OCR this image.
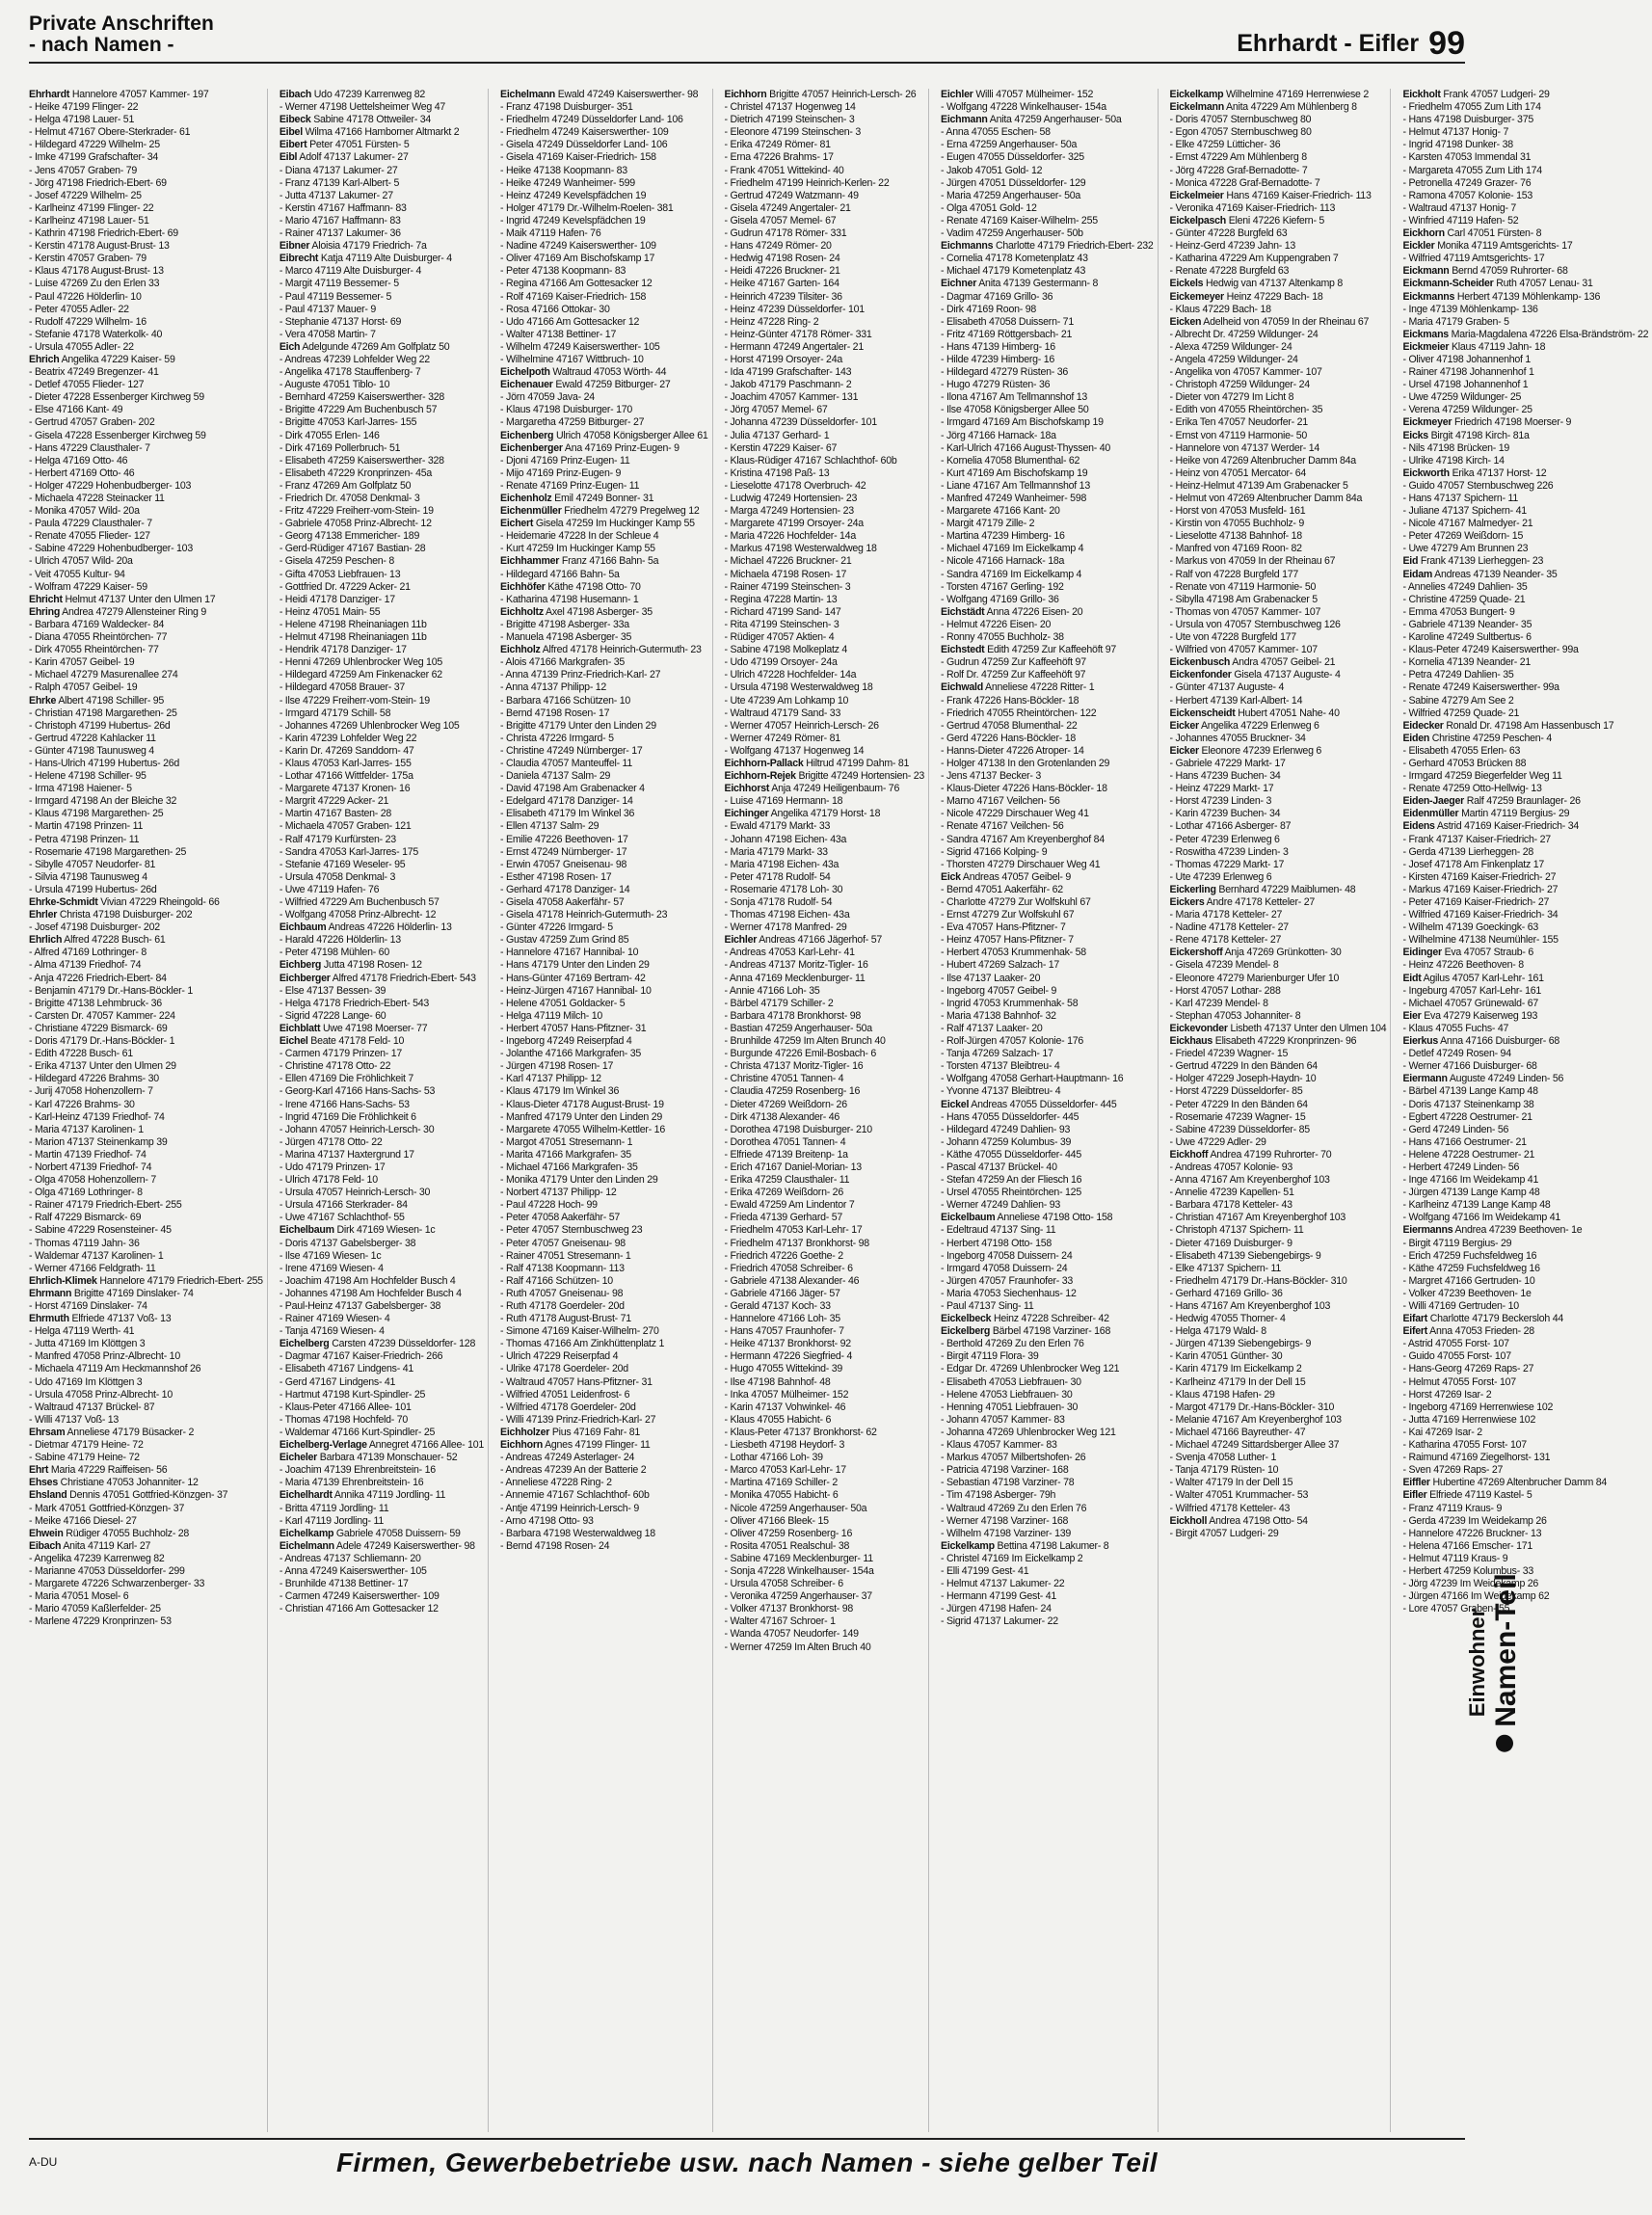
Private Anschriften
- nach Namen -	Ehrhardt - Eifler 99
Ehrhardt Hannelore 47057 Kammer- 197
- Heike 47199 Flinger- 22
- Helga 47198 Lauer- 51
- Helmut 47167 Obere-Sterkrader- 61
- Hildegard 47229 Wilhelm- 25
- Imke 47199 Grafschafter- 34
- Jens 47057 Graben- 79
- Jörg 47198 Friedrich-Ebert- 69
- Josef 47229 Wilhelm- 25
- Karlheinz 47199 Flinger- 22
- Karlheinz 47198 Lauer- 51
- Kathrin 47198 Friedrich-Ebert- 69
- Kerstin 47178 August-Brust- 13
- Kerstin 47057 Graben- 79
- Klaus 47178 August-Brust- 13
- Luise 47269 Zu den Erlen 33
- Paul 47226 Hölderlin- 10
- Peter 47055 Adler- 22
- Rudolf 47229 Wilhelm- 16
- Stefanie 47178 Waterkolk- 40
- Ursula 47055 Adler- 22
Ehrich Angelika 47229 Kaiser- 59
- Beatrix 47249 Bregenzer- 41
- Detlef 47055 Flieder- 127
- Dieter 47228 Essenberger Kirchweg 59
- Else 47166 Kant- 49
- Gertrud 47057 Graben- 202
- Gisela 47228 Essenberger Kirchweg 59
- Hans 47229 Clausthaler- 7
- Helga 47169 Otto- 46
- Herbert 47169 Otto- 46
- Holger 47229 Hohenbudberger- 103
- Michaela 47228 Steinacker 11
- Monika 47057 Wild- 20a
- Paula 47229 Clausthaler- 7
- Renate 47055 Flieder- 127
- Sabine 47229 Hohenbudberger- 103
- Ulrich 47057 Wild- 20a
- Veit 47055 Kultur- 94
- Wolfram 47229 Kaiser- 59
Ehricht Helmut 47137 Unter den Ulmen 17
Ehring Andrea 47279 Allensteiner Ring 9
- Barbara 47169 Waldecker- 84
- Diana 47055 Rheintörchen- 77
- Dirk 47055 Rheintörchen- 77
- Karin 47057 Geibel- 19
- Michael 47279 Masurenallee 274
- Ralph 47057 Geibel- 19
Ehrke Albert 47198 Schiller- 95
- Christian 47198 Margarethen- 25
- Christoph 47199 Hubertus- 26d
- Gertrud 47228 Kahlacker 11
- Günter 47198 Taunusweg 4
- Hans-Ulrich 47199 Hubertus- 26d
- Helene 47198 Schiller- 95
- Irma 47198 Haiener- 5
- Irmgard 47198 An der Bleiche 32
- Klaus 47198 Margarethen- 25
- Martin 47198 Prinzen- 11
- Petra 47198 Prinzen- 11
- Rosemarie 47198 Margarethen- 25
- Sibylle 47057 Neudorfer- 81
- Silvia 47198 Taunusweg 4
- Ursula 47199 Hubertus- 26d
Ehrke-Schmidt Vivian 47229 Rheingold- 66
Ehrler Christa 47198 Duisburger- 202
- Josef 47198 Duisburger- 202
Ehrlich Alfred 47228 Busch- 61
- Alfred 47169 Lothringer- 8
- Alma 47139 Friedhof- 74
- Anja 47226 Friedrich-Ebert- 84
- Benjamin 47179 Dr.-Hans-Böckler- 1
- Brigitte 47138 Lehmbruck- 36
- Carsten Dr. 47057 Kammer- 224
- Christiane 47229 Bismarck- 69
- Doris 47179 Dr.-Hans-Böckler- 1
- Edith 47228 Busch- 61
- Erika 47137 Unter den Ulmen 29
- Hildegard 47226 Brahms- 30
- Jurij 47058 Hohenzollern- 7
- Karl 47226 Brahms- 30
- Karl-Heinz 47139 Friedhof- 74
- Maria 47137 Karolinen- 1
- Marion 47137 Steinenkamp 39
- Martin 47139 Friedhof- 74
- Norbert 47139 Friedhof- 74
- Olga 47058 Hohenzollern- 7
- Olga 47169 Lothringer- 8
- Rainer 47179 Friedrich-Ebert- 255
- Ralf 47229 Bismarck- 69
- Sabine 47229 Rosensteiner- 45
- Thomas 47119 Jahn- 36
- Waldemar 47137 Karolinen- 1
- Werner 47166 Feldgrath- 11
Ehrlich-Klimek Hannelore 47179 Friedrich-Ebert- 255
Ehrmann Brigitte 47169 Dinslaker- 74
- Horst 47169 Dinslaker- 74
Ehrmuth Elfriede 47137 Voß- 13
- Helga 47119 Werth- 41
- Jutta 47169 Im Klöttgen 3
- Manfred 47058 Prinz-Albrecht- 10
- Michaela 47119 Am Heckmannshof 26
- Udo 47169 Im Klöttgen 3
- Ursula 47058 Prinz-Albrecht- 10
- Waltraud 47137 Brückel- 87
- Willi 47137 Voß- 13
Ehrsam Anneliese 47179 Büsacker- 2
- Dietmar 47179 Heine- 72
- Sabine 47179 Heine- 72
Ehrt Maria 47229 Raiffeisen- 56
Ehses Christiane 47053 Johanniter- 12
Ehsland Dennis 47051 Gottfried-Könzgen- 37
- Mark 47051 Gottfried-Könzgen- 37
- Meike 47166 Diesel- 27
Ehwein Rüdiger 47055 Buchholz- 28
Eibach Anita 47119 Karl- 27
- Angelika 47239 Karrenweg 82
- Marianne 47053 Düsseldorfer- 299
- Margarete 47226 Schwarzenberger- 33
- Maria 47051 Mosel- 6
- Mario 47059 Kaßlerfelder- 25
- Marlene 47229 Kronprinzen- 53
Eibach Udo 47239 Karrenweg 82
- Werner 47198 Uettelsheimer Weg 47
Eibeck Sabine 47178 Ottweiler- 34
Eibel Wilma 47166 Hamborner Altmarkt 2
Eibert Peter 47051 Fürsten- 5
Eibl Adolf 47137 Lakumer- 27
- Diana 47137 Lakumer- 27
- Franz 47139 Karl-Albert- 5
- Jutta 47137 Lakumer- 27
- Kerstin 47167 Haffmann- 83
- Mario 47167 Haffmann- 83
- Rainer 47137 Lakumer- 36
Eibner Aloisia 47179 Friedrich- 7a
Eibrecht Katja 47119 Alte Duisburger- 4
- Marco 47119 Alte Duisburger- 4
- Margit 47119 Bessemer- 5
- Paul 47119 Bessemer- 5
- Paul 47137 Mauer- 9
- Stephanie 47137 Horst- 69
- Vera 47058 Martin- 7
Eich Adelgunde 47269 Am Golfplatz 50
- Andreas 47239 Lohfelder Weg 22
- Angelika 47178 Stauffenberg- 7
- Auguste 47051 Tiblo- 10
- Bernhard 47259 Kaiserswerther- 328
- Brigitte 47229 Am Buchenbusch 57
- Brigitte 47053 Karl-Jarres- 155
- Dirk 47055 Erlen- 146
- Dirk 47169 Pollerbruch- 51
- Elisabeth 47259 Kaiserswerther- 328
- Elisabeth 47229 Kronprinzen- 45a
- Franz 47269 Am Golfplatz 50
- Friedrich Dr. 47058 Denkmal- 3
- Fritz 47229 Freiherr-vom-Stein- 19
- Gabriele 47058 Prinz-Albrecht- 12
- Georg 47138 Emmericher- 189
- Gerd-Rüdiger 47167 Bastian- 28
- Gisela 47259 Peschen- 8
- Gifta 47053 Liebfrauen- 13
- Gottfried Dr. 47229 Acker- 21
- Heidi 47178 Danziger- 17
- Heinz 47051 Main- 55
- Helene 47198 Rheinaniagen 11b
- Helmut 47198 Rheinaniagen 11b
- Hendrik 47178 Danziger- 17
- Henni 47269 Uhlenbrocker Weg 105
- Hildegard 47259 Am Finkenacker 62
- Hildegard 47058 Brauer- 37
- Ilse 47229 Freiherr-vom-Stein- 19
- Irmgard 47179 Schill- 58
- Johannes 47269 Uhlenbrocker Weg 105
- Karin 47239 Lohfelder Weg 22
- Karin Dr. 47269 Sanddorn- 47
- Klaus 47053 Karl-Jarres- 155
- Lothar 47166 Wittfelder- 175a
- Margarete 47137 Kronen- 16
- Margrit 47229 Acker- 21
- Martin 47167 Basten- 28
- Michaela 47057 Graben- 121
- Ralf 47179 Kurfürsten- 23
- Sandra 47053 Karl-Jarres- 175
- Stefanie 47169 Weseler- 95
- Ursula 47058 Denkmal- 3
- Uwe 47119 Hafen- 76
- Wilfried 47229 Am Buchenbusch 57
- Wolfgang 47058 Prinz-Albrecht- 12
Eichbaum Andreas 47226 Hölderlin- 13
- Harald 47226 Hölderlin- 13
- Peter 47198 Mühlen- 60
Eichberg Jutta 47198 Rosen- 12
Eichberger Alfred 47178 Friedrich-Ebert- 543
- Else 47137 Bessen- 39
- Helga 47178 Friedrich-Ebert- 543
- Sigrid 47228 Lange- 60
Eichblatt Uwe 47198 Moerser- 77
Eichel Beate 47178 Feld- 10
- Carmen 47179 Prinzen- 17
- Christine 47178 Otto- 22
- Ellen 47169 Die Fröhlichkeit 7
- Georg-Karl 47166 Hans-Sachs- 53
- Irene 47166 Hans-Sachs- 53
- Ingrid 47169 Die Fröhlichkeit 6
- Johann 47057 Heinrich-Lersch- 30
- Jürgen 47178 Otto- 22
- Marina 47137 Haxtergrund 17
- Udo 47179 Prinzen- 17
- Ulrich 47178 Feld- 10
- Ursula 47057 Heinrich-Lersch- 30
- Ursula 47166 Sterkrader- 84
- Uwe 47167 Schlachthof- 55
Eichelbaum Dirk 47169 Wiesen- 1c
- Doris 47137 Gabelsberger- 38
- Ilse 47169 Wiesen- 1c
- Irene 47169 Wiesen- 4
- Joachim 47198 Am Hochfelder Busch 4
- Johannes 47198 Am Hochfelder Busch 4
- Paul-Heinz 47137 Gabelsberger- 38
- Rainer 47169 Wiesen- 4
- Tanja 47169 Wiesen- 4
Eichelberg Carsten 47239 Düsseldorfer- 128
- Dagmar 47167 Kaiser-Friedrich- 266
- Elisabeth 47167 Lindgens- 41
- Gerd 47167 Lindgens- 41
- Hartmut 47198 Kurt-Spindler- 25
- Klaus-Peter 47166 Allee- 101
- Thomas 47198 Hochfeld- 70
- Waldemar 47166 Kurt-Spindler- 25
Eichelberg-Verlage Annegret 47166 Allee- 101
Eicheler Barbara 47139 Monschauer- 52
- Joachim 47139 Ehrenbreitstein- 16
- Maria 47139 Ehrenbreitstein- 16
Eichelhardt Annika 47119 Jordling- 11
- Britta 47119 Jordling- 11
- Karl 47119 Jordling- 11
Eichelkamp Gabriele 47058 Duissern- 59
Eichelmann Adele 47249 Kaiserswerther- 98
- Andreas 47137 Schliemann- 20
- Anna 47249 Kaiserswerther- 105
- Brunhilde 47138 Bettiner- 17
- Carmen 47249 Kaiserswerther- 109
- Christian 47166 Am Gottesacker 12
Eichelmann Ewald 47249 Kaiserswerther- 98
- Franz 47198 Duisburger- 351
- Friedhelm 47249 Düsseldorfer Land- 106
- Friedhelm 47249 Kaiserswerther- 109
- Gisela 47249 Düsseldorfer Land- 106
- Gisela 47169 Kaiser-Friedrich- 158
- Heike 47138 Koopmann- 83
- Heike 47249 Wanheimer- 599
- Heinz 47249 Kevelspfädchen 19
- Holger 47179 Dr.-Wilhelm-Roelen- 381
- Ingrid 47249 Kevelspfädchen 19
- Maik 47119 Hafen- 76
- Nadine 47249 Kaiserswerther- 109
- Oliver 47169 Am Bischofskamp 17
- Peter 47138 Koopmann- 83
- Regina 47166 Am Gottesacker 12
- Rolf 47169 Kaiser-Friedrich- 158
- Rosa 47166 Ottokar- 30
- Udo 47166 Am Gottesacker 12
- Walter 47138 Bettiner- 17
- Wilhelm 47249 Kaiserswerther- 105
- Wilhelmine 47167 Wittbruch- 10
Eichelpoth Waltraud 47053 Wörth- 44
Eichenauer Ewald 47259 Bitburger- 27
- Jörn 47059 Java- 24
- Klaus 47198 Duisburger- 170
- Margaretha 47259 Bitburger- 27
Eichenberg Ulrich 47058 Königsberger Allee 61
Eichenberger Ana 47169 Prinz-Eugen- 9
- Djoni 47169 Prinz-Eugen- 11
- Mijo 47169 Prinz-Eugen- 9
- Renate 47169 Prinz-Eugen- 11
Eichenholz Emil 47249 Bonner- 31
Eichenmüller Friedhelm 47279 Pregelweg 12
Eichert Gisela 47259 Im Huckinger Kamp 55
- Heidemarie 47228 In der Schleue 4
- Kurt 47259 Im Huckinger Kamp 55
Eichhammer Franz 47166 Bahn- 5a
- Hildegard 47166 Bahn- 5a
Eichhöfer Käthe 47198 Otto- 70
- Katharina 47198 Husemann- 1
Eichholtz Axel 47198 Asberger- 35
- Brigitte 47198 Asberger- 33a
- Manuela 47198 Asberger- 35
Eichholz Alfred 47178 Heinrich-Gutermuth- 23
- Alois 47166 Markgrafen- 35
- Anna 47139 Prinz-Friedrich-Karl- 27
- Anna 47137 Philipp- 12
- Barbara 47166 Schützen- 10
- Bernd 47198 Rosen- 17
- Brigitte 47179 Unter den Linden 29
- Christa 47226 Irmgard- 5
- Christine 47249 Nürnberger- 17
- Claudia 47057 Manteuffel- 11
- Daniela 47137 Salm- 29
- David 47198 Am Grabenacker 4
- Edelgard 47178 Danziger- 14
- Elisabeth 47179 Im Winkel 36
- Ellen 47137 Salm- 29
- Emilie 47226 Beethoven- 17
- Ernst 47249 Nürnberger- 17
- Erwin 47057 Gneisenau- 98
- Esther 47198 Rosen- 17
- Gerhard 47178 Danziger- 14
- Gisela 47058 Aakerfähr- 57
- Gisela 47178 Heinrich-Gutermuth- 23
- Günter 47226 Irmgard- 5
- Gustav 47259 Zum Grind 85
- Hannelore 47167 Hannibal- 10
- Hans 47179 Unter den Linden 29
- Hans-Günter 47169 Bertram- 42
- Heinz-Jürgen 47167 Hannibal- 10
- Helene 47051 Goldacker- 5
- Helga 47119 Milch- 10
- Herbert 47057 Hans-Pfitzner- 31
- Ingeborg 47249 Reiserpfad 4
- Jolanthe 47166 Markgrafen- 35
- Jürgen 47198 Rosen- 17
- Karl 47137 Philipp- 12
- Klaus 47179 Im Winkel 36
- Klaus-Dieter 47178 August-Brust- 19
- Manfred 47179 Unter den Linden 29
- Margarete 47055 Wilhelm-Kettler- 16
- Margot 47051 Stresemann- 1
- Marita 47166 Markgrafen- 35
- Michael 47166 Markgrafen- 35
- Monika 47179 Unter den Linden 29
- Norbert 47137 Philipp- 12
- Paul 47228 Hoch- 99
- Peter 47058 Aakerfähr- 57
- Peter 47057 Sternbuschweg 23
- Peter 47057 Gneisenau- 98
- Rainer 47051 Stresemann- 1
- Ralf 47138 Koopmann- 113
- Ralf 47166 Schützen- 10
- Ruth 47057 Gneisenau- 98
- Ruth 47178 Goerdeler- 20d
- Ruth 47178 August-Brust- 71
- Simone 47169 Kaiser-Wilhelm- 270
- Thomas 47166 Am Zinkhüttenplatz 1
- Ulrich 47229 Reiserpfad 4
- Ulrike 47178 Goerdeler- 20d
- Waltraud 47057 Hans-Pfitzner- 31
- Wilfried 47051 Leidenfrost- 6
- Wilfried 47178 Goerdeler- 20d
- Willi 47139 Prinz-Friedrich-Karl- 27
Eichholzer Pius 47169 Fahr- 81
Eichhorn Agnes 47199 Flinger- 11
- Andreas 47249 Asterlager- 24
- Andreas 47239 An der Batterie 2
- Anneliese 47228 Ring- 2
- Annemie 47167 Schlachthof- 60b
- Antje 47199 Heinrich-Lersch- 9
- Arno 47198 Otto- 93
- Barbara 47198 Westerwaldweg 18
- Bernd 47198 Rosen- 24
Eichhorn Brigitte 47057 Heinrich-Lersch- 26
- Christel 47137 Hogenweg 14
- Dietrich 47199 Steinschen- 3
- Eleonore 47199 Steinschen- 3
- Erika 47249 Römer- 81
- Erna 47226 Brahms- 17
- Frank 47051 Wittekind- 40
- Friedhelm 47199 Heinrich-Kerlen- 22
- Gertrud 47249 Watzmann- 49
- Gisela 47249 Angertaler- 21
- Gisela 47057 Memel- 67
- Gudrun 47178 Römer- 331
- Hans 47249 Römer- 20
- Hedwig 47198 Rosen- 24
- Heidi 47226 Bruckner- 21
- Heike 47167 Garten- 164
- Heinrich 47239 Tilsiter- 36
- Heinz 47239 Düsseldorfer- 101
- Heinz 47228 Ring- 2
- Heinz-Günter 47178 Römer- 331
- Hermann 47249 Angertaler- 21
- Horst 47199 Orsoyer- 24a
- Ida 47199 Grafschafter- 143
- Jakob 47179 Paschmann- 2
- Joachim 47057 Kammer- 131
- Jörg 47057 Memel- 67
- Johanna 47239 Düsseldorfer- 101
- Julia 47137 Gerhard- 1
- Kerstin 47229 Kaiser- 67
- Klaus-Rüdiger 47167 Schlachthof- 60b
- Kristina 47198 Paß- 13
- Lieselotte 47178 Overbruch- 42
- Ludwig 47249 Hortensien- 23
- Marga 47249 Hortensien- 23
- Margarete 47199 Orsoyer- 24a
- Maria 47226 Hochfelder- 14a
- Markus 47198 Westerwaldweg 18
- Michael 47226 Bruckner- 21
- Michaela 47198 Rosen- 17
- Rainer 47199 Steinschen- 3
- Regina 47228 Martin- 13
- Richard 47199 Sand- 147
- Rita 47199 Steinschen- 3
- Rüdiger 47057 Aktien- 4
- Sabine 47198 Molkeplatz 4
- Udo 47199 Orsoyer- 24a
- Ulrich 47228 Hochfelder- 14a
- Ursula 47198 Westerwaldweg 18
- Ute 47239 Am Lohkamp 10
- Waltraud 47179 Sand- 33
- Werner 47057 Heinrich-Lersch- 26
- Werner 47249 Römer- 81
- Wolfgang 47137 Hogenweg 14
Eichhorn-Pallack Hiltrud 47199 Dahm- 81
Eichhorn-Rejek Brigitte 47249 Hortensien- 23
Eichhorst Anja 47249 Heiligenbaum- 76
- Luise 47169 Hermann- 18
Eichinger Angelika 47179 Horst- 18
- Ewald 47179 Markt- 33
- Johann 47198 Eichen- 43a
- Maria 47179 Markt- 33
- Maria 47198 Eichen- 43a
- Peter 47178 Rudolf- 54
- Rosemarie 47178 Loh- 30
- Sonja 47178 Rudolf- 54
- Thomas 47198 Eichen- 43a
- Werner 47178 Manfred- 29
Eichler Andreas 47166 Jägerhof- 57
- Andreas 47053 Karl-Lehr- 41
- Andreas 47137 Moritz-Tigler- 16
- Anna 47169 Mecklenburger- 11
- Annie 47166 Loh- 35
- Bärbel 47179 Schiller- 2
- Barbara 47178 Bronkhorst- 98
- Bastian 47259 Angerhauser- 50a
- Brunhilde 47259 Im Alten Brunch 40
- Burgunde 47226 Emil-Bosbach- 6
- Christa 47137 Moritz-Tigler- 16
- Christine 47051 Tannen- 4
- Claudia 47259 Rosenberg- 16
- Dieter 47269 Weißdorn- 26
- Dirk 47138 Alexander- 46
- Dorothea 47198 Duisburger- 210
- Dorothea 47051 Tannen- 4
- Elfriede 47139 Breitenp- 1a
- Erich 47167 Daniel-Morian- 13
- Erika 47259 Clausthaler- 11
- Erika 47269 Weißdorn- 26
- Ewald 47259 Am Lindentor 7
- Frieda 47139 Gerhard- 57
- Friedhelm 47053 Karl-Lehr- 17
- Friedhelm 47137 Bronkhorst- 98
- Friedrich 47226 Goethe- 2
- Friedrich 47058 Schreiber- 6
- Gabriele 47138 Alexander- 46
- Gabriele 47166 Jäger- 57
- Gerald 47137 Koch- 33
- Hannelore 47166 Loh- 35
- Hans 47057 Fraunhofer- 7
- Heike 47137 Bronkhorst- 92
- Hermann 47226 Siegfried- 4
- Hugo 47055 Wittekind- 39
- Ilse 47198 Bahnhof- 48
- Inka 47057 Mülheimer- 152
- Karin 47137 Vohwinkel- 46
- Klaus 47055 Habicht- 6
- Klaus-Peter 47137 Bronkhorst- 62
- Liesbeth 47198 Heydorf- 3
- Lothar 47166 Loh- 39
- Marco 47053 Karl-Lehr- 17
- Martina 47169 Schiller- 2
- Monika 47055 Habicht- 6
- Nicole 47259 Angerhauser- 50a
- Oliver 47166 Bleek- 15
- Oliver 47259 Rosenberg- 16
- Rosita 47051 Realschul- 38
- Sabine 47169 Mecklenburger- 11
- Sonja 47228 Winkelhauser- 154a
- Ursula 47058 Schreiber- 6
- Veronika 47259 Angerhauser- 37
- Volker 47137 Bronkhorst- 98
- Walter 47167 Schroer- 1
- Wanda 47057 Neudorfer- 149
- Werner 47259 Im Alten Bruch 40
Eichler Willi 47057 Mülheimer- 152
- Wolfgang 47228 Winkelhauser- 154a
Eichmann Anita 47259 Angerhauser- 50a
- Anna 47055 Eschen- 58
- Erna 47259 Angerhauser- 50a
- Eugen 47055 Düsseldorfer- 325
- Jakob 47051 Gold- 12
- Jürgen 47051 Düsseldorfer- 129
- Maria 47259 Angerhauser- 50a
- Olga 47051 Gold- 12
- Renate 47169 Kaiser-Wilhelm- 255
- Vadim 47259 Angerhauser- 50b
Eichmanns Charlotte 47179 Friedrich-Ebert- 232
- Cornelia 47178 Kometenplatz 43
- Michael 47179 Kometenplatz 43
Eichner Anita 47139 Gestermann- 8
- Dagmar 47169 Grillo- 36
- Dirk 47169 Roon- 98
- Elisabeth 47058 Duissern- 71
- Fritz 47169 Röttgersbach- 21
- Hans 47139 Himberg- 16
- Hilde 47239 Himberg- 16
- Hildegard 47279 Rüsten- 36
- Hugo 47279 Rüsten- 36
- Ilona 47167 Am Tellmannshof 13
- Ilse 47058 Königsberger Allee 50
- Irmgard 47169 Am Bischofskamp 19
- Jörg 47166 Harnack- 18a
- Karl-Ulrich 47166 August-Thyssen- 40
- Kornelia 47058 Blumenthal- 62
- Kurt 47169 Am Bischofskamp 19
- Liane 47167 Am Tellmannshof 13
- Manfred 47249 Wanheimer- 598
- Margarete 47166 Kant- 20
- Margit 47179 Zille- 2
- Martina 47239 Himberg- 16
- Michael 47169 Im Eickelkamp 4
- Nicole 47166 Harnack- 18a
- Sandra 47169 Im Eickelkamp 4
- Torsten 47167 Gerling- 192
- Wolfgang 47169 Grillo- 36
Eichstädt Anna 47226 Eisen- 20
- Helmut 47226 Eisen- 20
- Ronny 47055 Buchholz- 38
Eichstedt Edith 47259 Zur Kaffeehöft 97
- Gudrun 47259 Zur Kaffeehöft 97
- Rolf Dr. 47259 Zur Kaffeehöft 97
Eichwald Anneliese 47228 Ritter- 1
- Frank 47226 Hans-Böckler- 18
- Friedrich 47055 Rheintörchen- 122
- Gertrud 47058 Blumenthal- 22
- Gerd 47226 Hans-Böckler- 18
- Hanns-Dieter 47226 Atroper- 14
- Holger 47138 In den Grotenlanden 29
- Jens 47137 Becker- 3
- Klaus-Dieter 47226 Hans-Böckler- 18
- Marno 47167 Veilchen- 56
- Nicole 47229 Dirschauer Weg 41
- Renate 47167 Veilchen- 56
- Sandra 47167 Am Kreyenberghof 84
- Sigrid 47166 Kolping- 9
- Thorsten 47279 Dirschauer Weg 41
Eick Andreas 47057 Geibel- 9
- Bernd 47051 Aakerfähr- 62
- Charlotte 47279 Zur Wolfskuhl 67
- Ernst 47279 Zur Wolfskuhl 67
- Eva 47057 Hans-Pfitzner- 7
- Heinz 47057 Hans-Pfitzner- 7
- Herbert 47053 Krummenhak- 58
- Hubert 47269 Salzach- 17
- Ilse 47137 Laaker- 20
- Ingeborg 47057 Geibel- 9
- Ingrid 47053 Krummenhak- 58
- Maria 47138 Bahnhof- 32
- Ralf 47137 Laaker- 20
- Rolf-Jürgen 47057 Kolonie- 176
- Tanja 47269 Salzach- 17
- Torsten 47137 Bleibtreu- 4
- Wolfgang 47058 Gerhart-Hauptmann- 16
- Yvonne 47137 Bleibtreu- 4
Eickel Andreas 47055 Düsseldorfer- 445
- Hans 47055 Düsseldorfer- 445
- Hildegard 47249 Dahlien- 93
- Johann 47259 Kolumbus- 39
- Käthe 47055 Düsseldorfer- 445
- Pascal 47137 Brückel- 40
- Stefan 47259 An der Fliesch 16
- Ursel 47055 Rheintörchen- 125
- Werner 47249 Dahlien- 93
Eickelbaum Anneliese 47198 Otto- 158
- Edeltraud 47137 Sing- 11
- Herbert 47198 Otto- 158
- Ingeborg 47058 Duissern- 24
- Irmgard 47058 Duissern- 24
- Jürgen 47057 Fraunhofer- 33
- Maria 47053 Siechenhaus- 12
- Paul 47137 Sing- 11
Eickelbeck Heinz 47228 Schreiber- 42
Eickelberg Bärbel 47198 Varziner- 168
- Berthold 47269 Zu den Erlen 76
- Birgit 47119 Flora- 39
- Edgar Dr. 47269 Uhlenbrocker Weg 121
- Elisabeth 47053 Liebfrauen- 30
- Helene 47053 Liebfrauen- 30
- Henning 47051 Liebfrauen- 30
- Johann 47057 Kammer- 83
- Johanna 47269 Uhlenbrocker Weg 121
- Klaus 47057 Kammer- 83
- Markus 47057 Milbertshofen- 26
- Patricia 47198 Varziner- 168
- Sebastian 47198 Varziner- 78
- Tim 47198 Asberger- 79h
- Waltraud 47269 Zu den Erlen 76
- Werner 47198 Varziner- 168
- Wilhelm 47198 Varziner- 139
Eickelkamp Bettina 47198 Lakumer- 8
- Christel 47169 Im Eickelkamp 2
- Elli 47199 Gest- 41
- Helmut 47137 Lakumer- 22
- Hermann 47199 Gest- 41
- Jürgen 47198 Hafen- 24
- Sigrid 47137 Lakumer- 22
Eickelkamp Wilhelmine 47169 Herrenwiese 2
Eickelmann Anita 47229 Am Mühlenberg 8
- Doris 47057 Sternbuschweg 80
- Egon 47057 Sternbuschweg 80
- Elke 47259 Lütticher- 36
- Ernst 47229 Am Mühlenberg 8
- Jörg 47228 Graf-Bernadotte- 7
- Monica 47228 Graf-Bernadotte- 7
Eickelmeier Hans 47169 Kaiser-Friedrich- 113
- Veronika 47169 Kaiser-Friedrich- 113
Eickelpasch Eleni 47226 Kiefern- 5
- Günter 47228 Burgfeld 63
- Heinz-Gerd 47239 Jahn- 13
- Katharina 47229 Am Kuppengraben 7
- Renate 47228 Burgfeld 63
Eickels Hedwig van 47137 Altenkamp 8
Eickemeyer Heinz 47229 Bach- 18
- Klaus 47229 Bach- 18
Eicken Adelheid von 47059 In der Rheinau 67
- Albrecht Dr. 47259 Wildunger- 24
- Alexa 47259 Wildunger- 24
- Angela 47259 Wildunger- 24
- Angelika von 47057 Kammer- 107
- Christoph 47259 Wildunger- 24
- Dieter von 47279 Im Licht 8
- Edith von 47055 Rheintörchen- 35
- Erika Ten 47057 Neudorfer- 21
- Ernst von 47119 Harmonie- 50
- Hannelore von 47137 Werder- 14
- Heike von 47269 Altenbrucher Damm 84a
- Heinz von 47051 Mercator- 64
- Heinz-Helmut 47139 Am Grabenacker 5
- Helmut von 47269 Altenbrucher Damm 84a
- Horst von 47053 Musfeld- 161
- Kirstin von 47055 Buchholz- 9
- Lieselotte 47138 Bahnhof- 18
- Manfred von 47169 Roon- 82
- Markus von 47059 In der Rheinau 67
- Ralf von 47228 Burgfeld 177
- Renate von 47119 Harmonie- 50
- Sibylla 47198 Am Grabenacker 5
- Thomas von 47057 Kammer- 107
- Ursula von 47057 Sternbuschweg 126
- Ute von 47228 Burgfeld 177
- Wilfried von 47057 Kammer- 107
Eickenbusch Andra 47057 Geibel- 21
Eickenfonder Gisela 47137 Auguste- 4
- Günter 47137 Auguste- 4
- Herbert 47139 Karl-Albert- 14
Eickenscheidt Hubert 47051 Nahe- 40
Eicker Angelika 47229 Erlenweg 6
- Johannes 47055 Bruckner- 34
Eicker Eleonore 47239 Erlenweg 6
- Gabriele 47229 Markt- 17
- Hans 47239 Buchen- 34
- Heinz 47229 Markt- 17
- Horst 47239 Linden- 3
- Karin 47239 Buchen- 34
- Lothar 47166 Asberger- 87
- Peter 47239 Erlenweg 6
- Roswitha 47239 Linden- 3
- Thomas 47229 Markt- 17
- Ute 47239 Erlenweg 6
Eickerling Bernhard 47229 Maiblumen- 48
Eickers Andre 47178 Ketteler- 27
- Maria 47178 Ketteler- 27
- Nadine 47178 Ketteler- 27
- Rene 47178 Ketteler- 27
Eickershoff Anja 47269 Grünkotten- 30
- Gisela 47239 Mendel- 8
- Eleonore 47279 Marienburger Ufer 10
- Horst 47057 Lothar- 288
- Karl 47239 Mendel- 8
- Stephan 47053 Johanniter- 8
Eickevonder Lisbeth 47137 Unter den Ulmen 104
Eickhaus Elisabeth 47229 Kronprinzen- 96
- Friedel 47239 Wagner- 15
- Gertrud 47229 In den Bänden 64
- Holger 47229 Joseph-Haydn- 10
- Horst 47229 Düsseldorfer- 85
- Peter 47229 In den Bänden 64
- Rosemarie 47239 Wagner- 15
- Sabine 47239 Düsseldorfer- 85
- Uwe 47229 Adler- 29
Eickhoff Andrea 47199 Ruhrorter- 70
- Andreas 47057 Kolonie- 93
- Anna 47167 Am Kreyenberghof 103
- Annelie 47239 Kapellen- 51
- Barbara 47178 Ketteler- 43
- Christian 47167 Am Kreyenberghof 103
- Christoph 47137 Spichern- 11
- Dieter 47169 Duisburger- 9
- Elisabeth 47139 Siebengebirgs- 9
- Elke 47137 Spichern- 11
- Friedhelm 47179 Dr.-Hans-Böckler- 310
- Gerhard 47169 Grillo- 36
- Hans 47167 Am Kreyenberghof 103
- Hedwig 47055 Thorner- 4
- Helga 47179 Wald- 8
- Jürgen 47139 Siebengebirgs- 9
- Karin 47051 Günther- 30
- Karin 47179 Im Eickelkamp 2
- Karlheinz 47179 In der Dell 15
- Klaus 47198 Hafen- 29
- Margot 47179 Dr.-Hans-Böckler- 310
- Melanie 47167 Am Kreyenberghof 103
- Michael 47166 Bayreuther- 47
- Michael 47249 Sittardsberger Allee 37
- Svenja 47058 Luther- 1
- Tanja 47179 Rüsten- 10
- Walter 47179 In der Dell 15
- Walter 47051 Krummacher- 53
- Wilfried 47178 Ketteler- 43
Eickholl Andrea 47198 Otto- 54
- Birgit 47057 Ludgeri- 29
Eickholt Frank 47057 Ludgeri- 29
- Friedhelm 47055 Zum Lith 174
- Hans 47198 Duisburger- 375
- Helmut 47137 Honig- 7
- Ingrid 47198 Dunker- 38
- Karsten 47053 Immendal 31
- Margareta 47055 Zum Lith 174
- Petronella 47249 Grazer- 76
- Ramona 47057 Kolonie- 153
- Waltraud 47137 Honig- 7
- Winfried 47119 Hafen- 52
Eickhorn Carl 47051 Fürsten- 8
Eickler Monika 47119 Amtsgerichts- 17
- Wilfried 47119 Amtsgerichts- 17
Eickmann Bernd 47059 Ruhrorter- 68
Eickmann-Scheider Ruth 47057 Lenau- 31
Eickmanns Herbert 47139 Möhlenkamp- 136
- Inge 47139 Möhlenkamp- 136
- Maria 47179 Graben- 5
Eickmans Maria-Magdalena 47226 Elsa-Brändström- 22
Eickmeier Klaus 47119 Jahn- 18
- Oliver 47198 Johannenhof 1
- Rainer 47198 Johannenhof 1
- Ursel 47198 Johannenhof 1
- Uwe 47259 Wildunger- 25
- Verena 47259 Wildunger- 25
Eickmeyer Friedrich 47198 Moerser- 9
Eicks Birgit 47198 Kirch- 81a
- Nils 47198 Brücken- 19
- Ulrike 47198 Kirch- 14
Eickworth Erika 47137 Horst- 12
- Guido 47057 Sternbuschweg 226
- Hans 47137 Spichern- 11
- Juliane 47137 Spichern- 41
- Nicole 47167 Malmedyer- 21
- Peter 47269 Weißdorn- 15
- Uwe 47279 Am Brunnen 23
Eid Frank 47139 Lierheggen- 23
Eidam Andreas 47139 Neander- 35
- Annelies 47249 Dahlien- 35
- Christine 47259 Quade- 21
- Emma 47053 Bungert- 9
- Gabriele 47139 Neander- 35
- Karoline 47249 Sultbertus- 6
- Klaus-Peter 47249 Kaiserswerther- 99a
- Kornelia 47139 Neander- 21
- Petra 47249 Dahlien- 35
- Renate 47249 Kaiserswerther- 99a
- Sabine 47279 Am See 2
- Wilfried 47259 Quade- 21
Eidecker Ronald Dr. 47198 Am Hassenbusch 17
Eiden Christine 47259 Peschen- 4
- Elisabeth 47055 Erlen- 63
- Gerhard 47053 Brücken 88
- Irmgard 47259 Biegerfelder Weg 11
- Renate 47259 Otto-Hellwig- 13
Eiden-Jaeger Ralf 47259 Braunlager- 26
Eidenmüller Martin 47119 Bergius- 29
Eidens Astrid 47169 Kaiser-Friedrich- 34
- Frank 47137 Kaiser-Friedrich- 27
- Gerda 47139 Lierheggen- 28
- Josef 47178 Am Finkenplatz 17
- Kirsten 47169 Kaiser-Friedrich- 27
- Markus 47169 Kaiser-Friedrich- 27
- Peter 47169 Kaiser-Friedrich- 27
- Wilfried 47169 Kaiser-Friedrich- 34
- Wilhelm 47139 Goeckingk- 63
- Wilhelmine 47138 Neumühler- 155
Eidinger Eva 47057 Straub- 6
- Heinz 47226 Beethoven- 8
Eidt Agilus 47057 Karl-Lehr- 161
- Ingeburg 47057 Karl-Lehr- 161
- Michael 47057 Grünewald- 67
Eier Eva 47279 Kaiserweg 193
- Klaus 47055 Fuchs- 47
Eierkus Anna 47166 Duisburger- 68
- Detlef 47249 Rosen- 94
- Werner 47166 Duisburger- 68
Eiermann Auguste 47249 Linden- 56
- Bärbel 47139 Lange Kamp 48
- Doris 47137 Steinenkamp 38
- Egbert 47228 Oestrumer- 21
- Gerd 47249 Linden- 56
- Hans 47166 Oestrumer- 21
- Helene 47228 Oestrumer- 21
- Herbert 47249 Linden- 56
- Inge 47166 Im Weidekamp 41
- Jürgen 47139 Lange Kamp 48
- Karlheinz 47139 Lange Kamp 48
- Wolfgang 47166 Im Weidekamp 41
Eiermanns Andrea 47239 Beethoven- 1e
- Birgit 47119 Bergius- 29
- Erich 47259 Fuchsfeldweg 16
- Käthe 47259 Fuchsfeldweg 16
- Margret 47166 Gertruden- 10
- Volker 47239 Beethoven- 1e
- Willi 47169 Gertruden- 10
Eifart Charlotte 47179 Beckersloh 44
Eifert Anna 47053 Frieden- 28
- Astrid 47055 Forst- 107
- Guido 47055 Forst- 107
- Hans-Georg 47269 Raps- 27
- Helmut 47055 Forst- 107
- Horst 47269 Isar- 2
- Ingeborg 47169 Herrenwiese 102
- Jutta 47169 Herrenwiese 102
- Kai 47269 Isar- 2
- Katharina 47055 Forst- 107
- Raimund 47169 Ziegelhorst- 131
- Sven 47269 Raps- 27
Eiffler Hubertine 47269 Altenbrucher Damm 84
Eifler Elfriede 47119 Kastel- 5
- Franz 47119 Kraus- 9
- Gerda 47239 Im Weidekamp 26
- Hannelore 47226 Bruckner- 13
- Helena 47166 Emscher- 171
- Helmut 47119 Kraus- 9
- Herbert 47259 Kolumbus- 33
- Jörg 47239 Im Weidekamp 26
- Jürgen 47166 Im Weidekamp 62
- Lore 47057 Graben- 55
Einwohner Namen-Teil
A-DU	Firmen, Gewerbebetriebe usw. nach Namen - siehe gelber Teil
